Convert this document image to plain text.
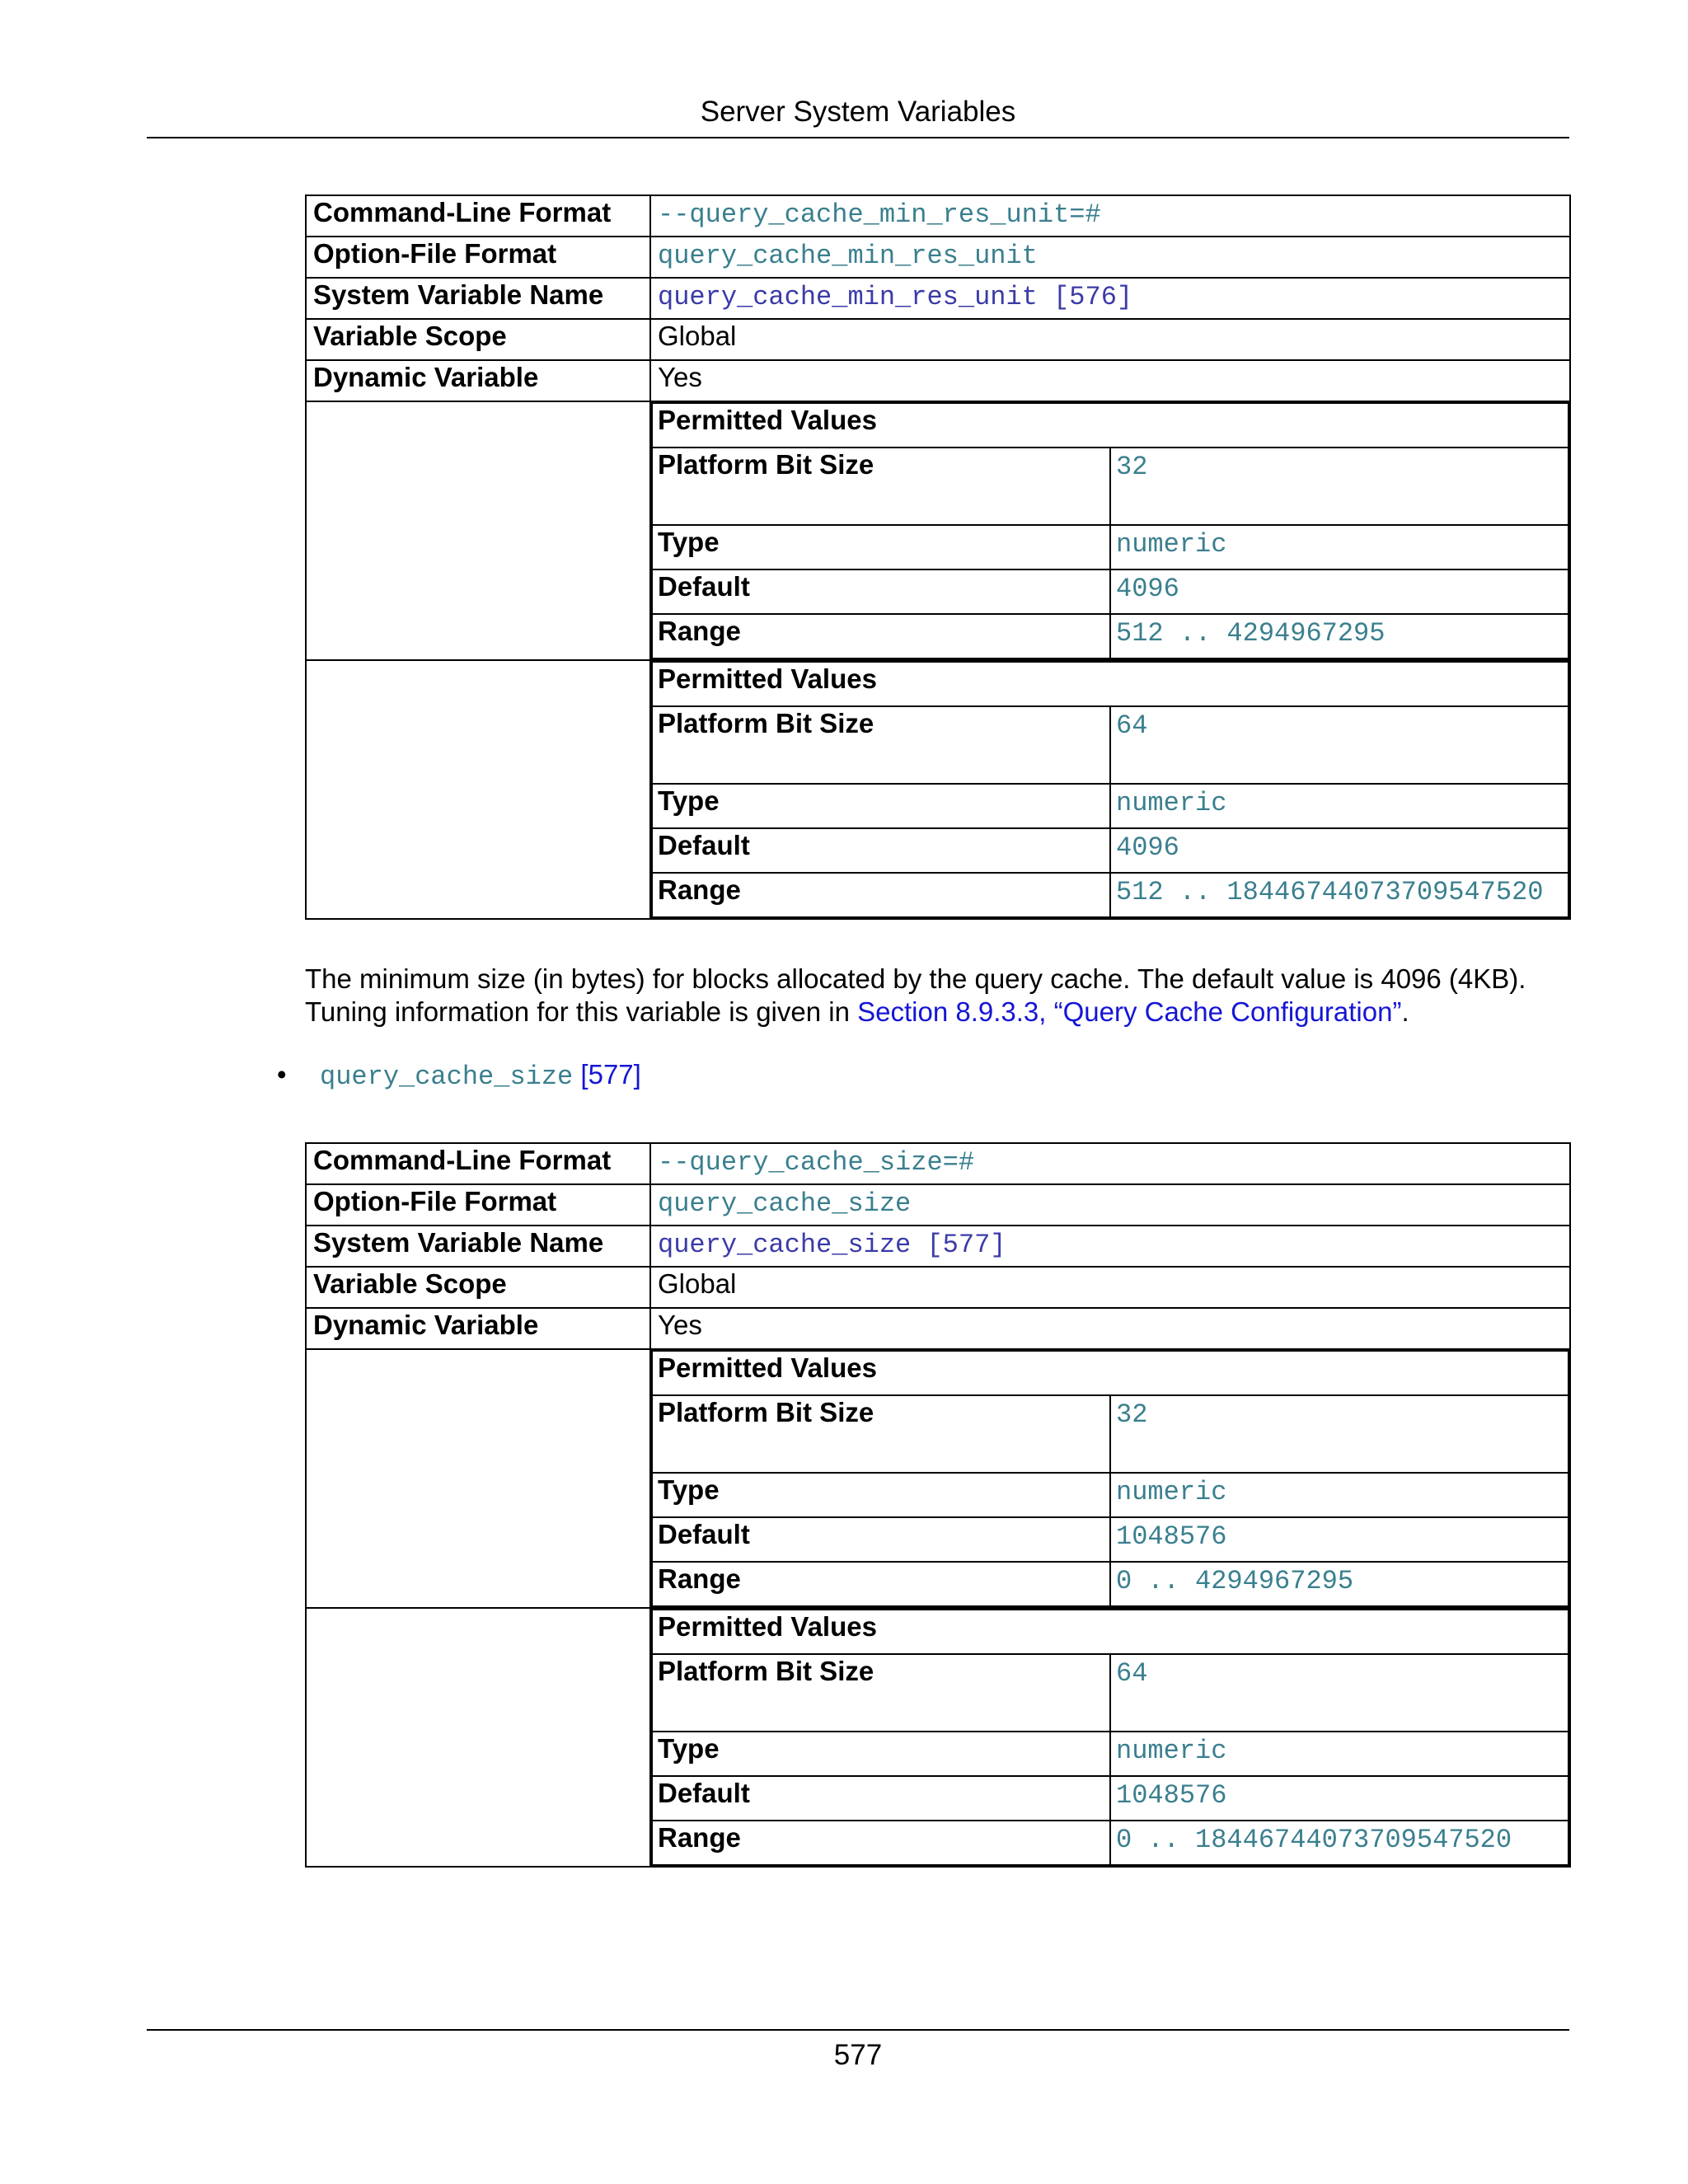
Server System Variables
Command-Line Format	--query_cache_min_res_unit=#
Option-File Format	query_cache_min_res_unit
System Variable Name	query_cache_min_res_unit [576]
Variable Scope	Global
Dynamic Variable	Yes

Permitted Values
Platform Bit Size	32
Type	numeric
Default	4096
Range	512 .. 4294967295

Permitted Values
Platform Bit Size	64
Type	numeric
Default	4096
Range	512 .. 18446744073709547520
The minimum size (in bytes) for blocks allocated by the query cache. The default value is 4096 (4KB).
Tuning information for this variable is given in Section 8.9.3.3, “Query Cache Configuration”.
• query_cache_size [577]
Command-Line Format	--query_cache_size=#
Option-File Format	query_cache_size
System Variable Name	query_cache_size [577]
Variable Scope	Global
Dynamic Variable	Yes

Permitted Values
Platform Bit Size	32
Type	numeric
Default	1048576
Range	0 .. 4294967295

Permitted Values
Platform Bit Size	64
Type	numeric
Default	1048576
Range	0 .. 18446744073709547520
577
